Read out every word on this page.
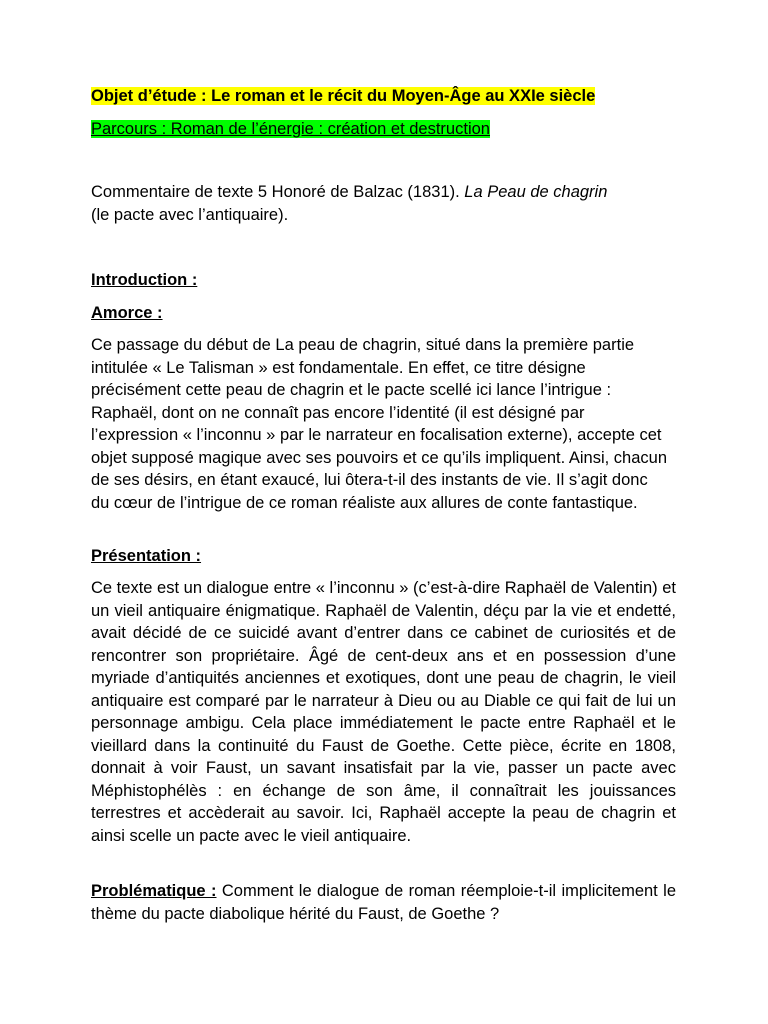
Objet d’étude : Le roman et le récit du Moyen-Âge au XXIe siècle
Parcours : Roman de l’énergie : création et destruction

Commentaire de texte 5 Honoré de Balzac (1831). La Peau de chagrin
(le pacte avec l’antiquaire).

Introduction :
Amorce :

Ce passage du début de La peau de chagrin, situé dans la première partie intitulée « Le Talisman » est fondamentale. En effet, ce titre désigne précisément cette peau de chagrin et le pacte scellé ici lance l’intrigue : Raphaël, dont on ne connaît pas encore l’identité (il est désigné par l’expression « l’inconnu » par le narrateur en focalisation externe), accepte cet objet supposé magique avec ses pouvoirs et ce qu’ils impliquent. Ainsi, chacun de ses désirs, en étant exaucé, lui ôtera-t-il des instants de vie. Il s’agit donc du cœur de l’intrigue de ce roman réaliste aux allures de conte fantastique.

Présentation :

Ce texte est un dialogue entre « l’inconnu » (c’est-à-dire Raphaël de Valentin) et un vieil antiquaire énigmatique. Raphaël de Valentin, déçu par la vie et endetté, avait décidé de ce suicidé avant d’entrer dans ce cabinet de curiosités et de rencontrer son propriétaire. Âgé de cent-deux ans et en possession d’une myriade d’antiquités anciennes et exotiques, dont une peau de chagrin, le vieil antiquaire est comparé par le narrateur à Dieu ou au Diable ce qui fait de lui un personnage ambigu. Cela place immédiatement le pacte entre Raphaël et le vieillard dans la continuité du Faust de Goethe. Cette pièce, écrite en 1808, donnait à voir Faust, un savant insatisfait par la vie, passer un pacte avec Méphistophélès : en échange de son âme, il connaîtrait les jouissances terrestres et accèderait au savoir. Ici, Raphaël accepte la peau de chagrin et ainsi scelle un pacte avec le vieil antiquaire.

Problématique : Comment le dialogue de roman réemploie-t-il implicitement le thème du pacte diabolique hérité du Faust, de Goethe ?
